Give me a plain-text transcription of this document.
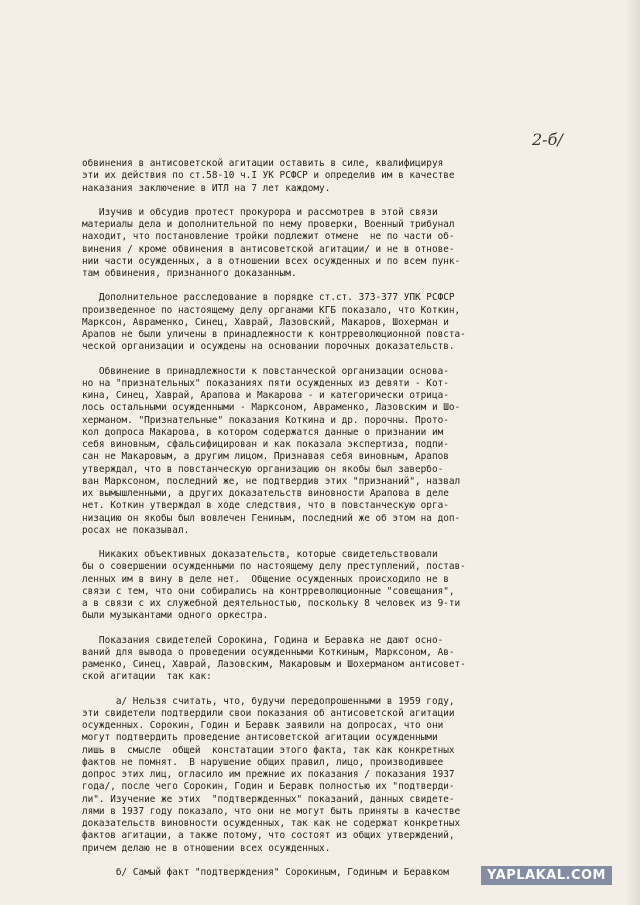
2-б/
обвинения в антисоветской агитации оставить в силе, квалифицируя
эти их действия по ст.58-10 ч.I УК РСФСР и определив им в качестве
наказания заключение в ИТЛ на 7 лет каждому.
Изучив и обсудив протест прокурора и рассмотрев в этой связи
материалы дела и дополнительной по нему проверки, Военный трибунал
находит, что постановление тройки подлежит отмене  не по части об-
винения / кроме обвинения в антисоветской агитации/ и не в отнове-
нии части осужденных, а в отношении всех осужденных и по всем пунк-
там обвинения, признанного доказанным.
Дополнительное расследование в порядке ст.ст. 373-377 УПК РСФСР
произведенное по настоящему делу органами КГБ показало, что Коткин,
Марксон, Авраменко, Синец, Хаврай, Лазовский, Макаров, Шохерман и
Арапов не были уличены в принадлежности к контрреволюционной повста-
ческой организации и осуждены на основании порочных доказательств.
Обвинение в принадлежности к повстанческой организации основа-
но на "признательных" показаниях пяти осужденных из девяти - Кот-
кина, Синец, Хаврай, Арапова и Макарова - и категорически отрица-
лось остальными осужденными - Марксоном, Авраменко, Лазовским и Шо-
херманом. "Признательные" показания Коткина и др. порочны. Прото-
кол допроса Макарова, в котором содержатся данные о признании им
себя виновным, сфальсифицирован и как показала экспертиза, подпи-
сан не Макаровым, а другим лицом. Признавая себя виновным, Арапов
утверждал, что в повстанческую организацию он якобы был завербо-
ван Марксоном, последний же, не подтвердив этих "признаний", назвал
их вымышленными, а других доказательств виновности Арапова в деле
нет. Коткин утверждал в ходе следствия, что в повстанческую орга-
низацию он якобы был вовлечен Гениным, последний же об этом на доп-
росах не показывал.
Никаких объективных доказательств, которые свидетельствовали
бы о совершении осужденными по настоящему делу преступлений, постав-
ленных им в вину в деле нет.  Общение осужденных происходило не в
связи с тем, что они собирались на контрреволюционные "совещания",
а в связи с их служебной деятельностью, поскольку 8 человек из 9-ти
были музыкантами одного оркестра.
Показания свидетелей Сорокина, Година и Беравка не дают осно-
ваний для вывода о проведении осужденными Коткиным, Марксоном, Ав-
раменко, Синец, Хаврай, Лазовским, Макаровым и Шохерманом антисовет-
ской агитации  так как:
а/ Нельзя считать, что, будучи передопрошенными в 1959 году,
эти свидетели подтвердили свои показания об антисоветской агитации
осужденных. Сорокин, Годин и Беравк заявили на допросах, что они
могут подтвердить проведение антисоветской агитации осужденными
лишь в  смысле  общей  констатации этого факта, так как конкретных
фактов не помнят.  В нарушение общих правил, лицо, производившее
допрос этих лиц, огласило им прежние их показания / показания 1937
года/, после чего Сорокин, Годин и Беравк полностью их "подтверди-
ли". Изучение же этих  "подтвержденных" показаний, данных свидете-
лями в 1937 году показало, что они не могут быть приняты в качестве
доказательств виновности осужденных, так как не содержат конкретных
фактов агитации, а также потому, что состоят из общих утверждений,
причем делаю не в отношении всех осужденных.
б/ Самый факт "подтверждения" Сорокиным, Годиным и Беравком	YAPLAKAL.COM
